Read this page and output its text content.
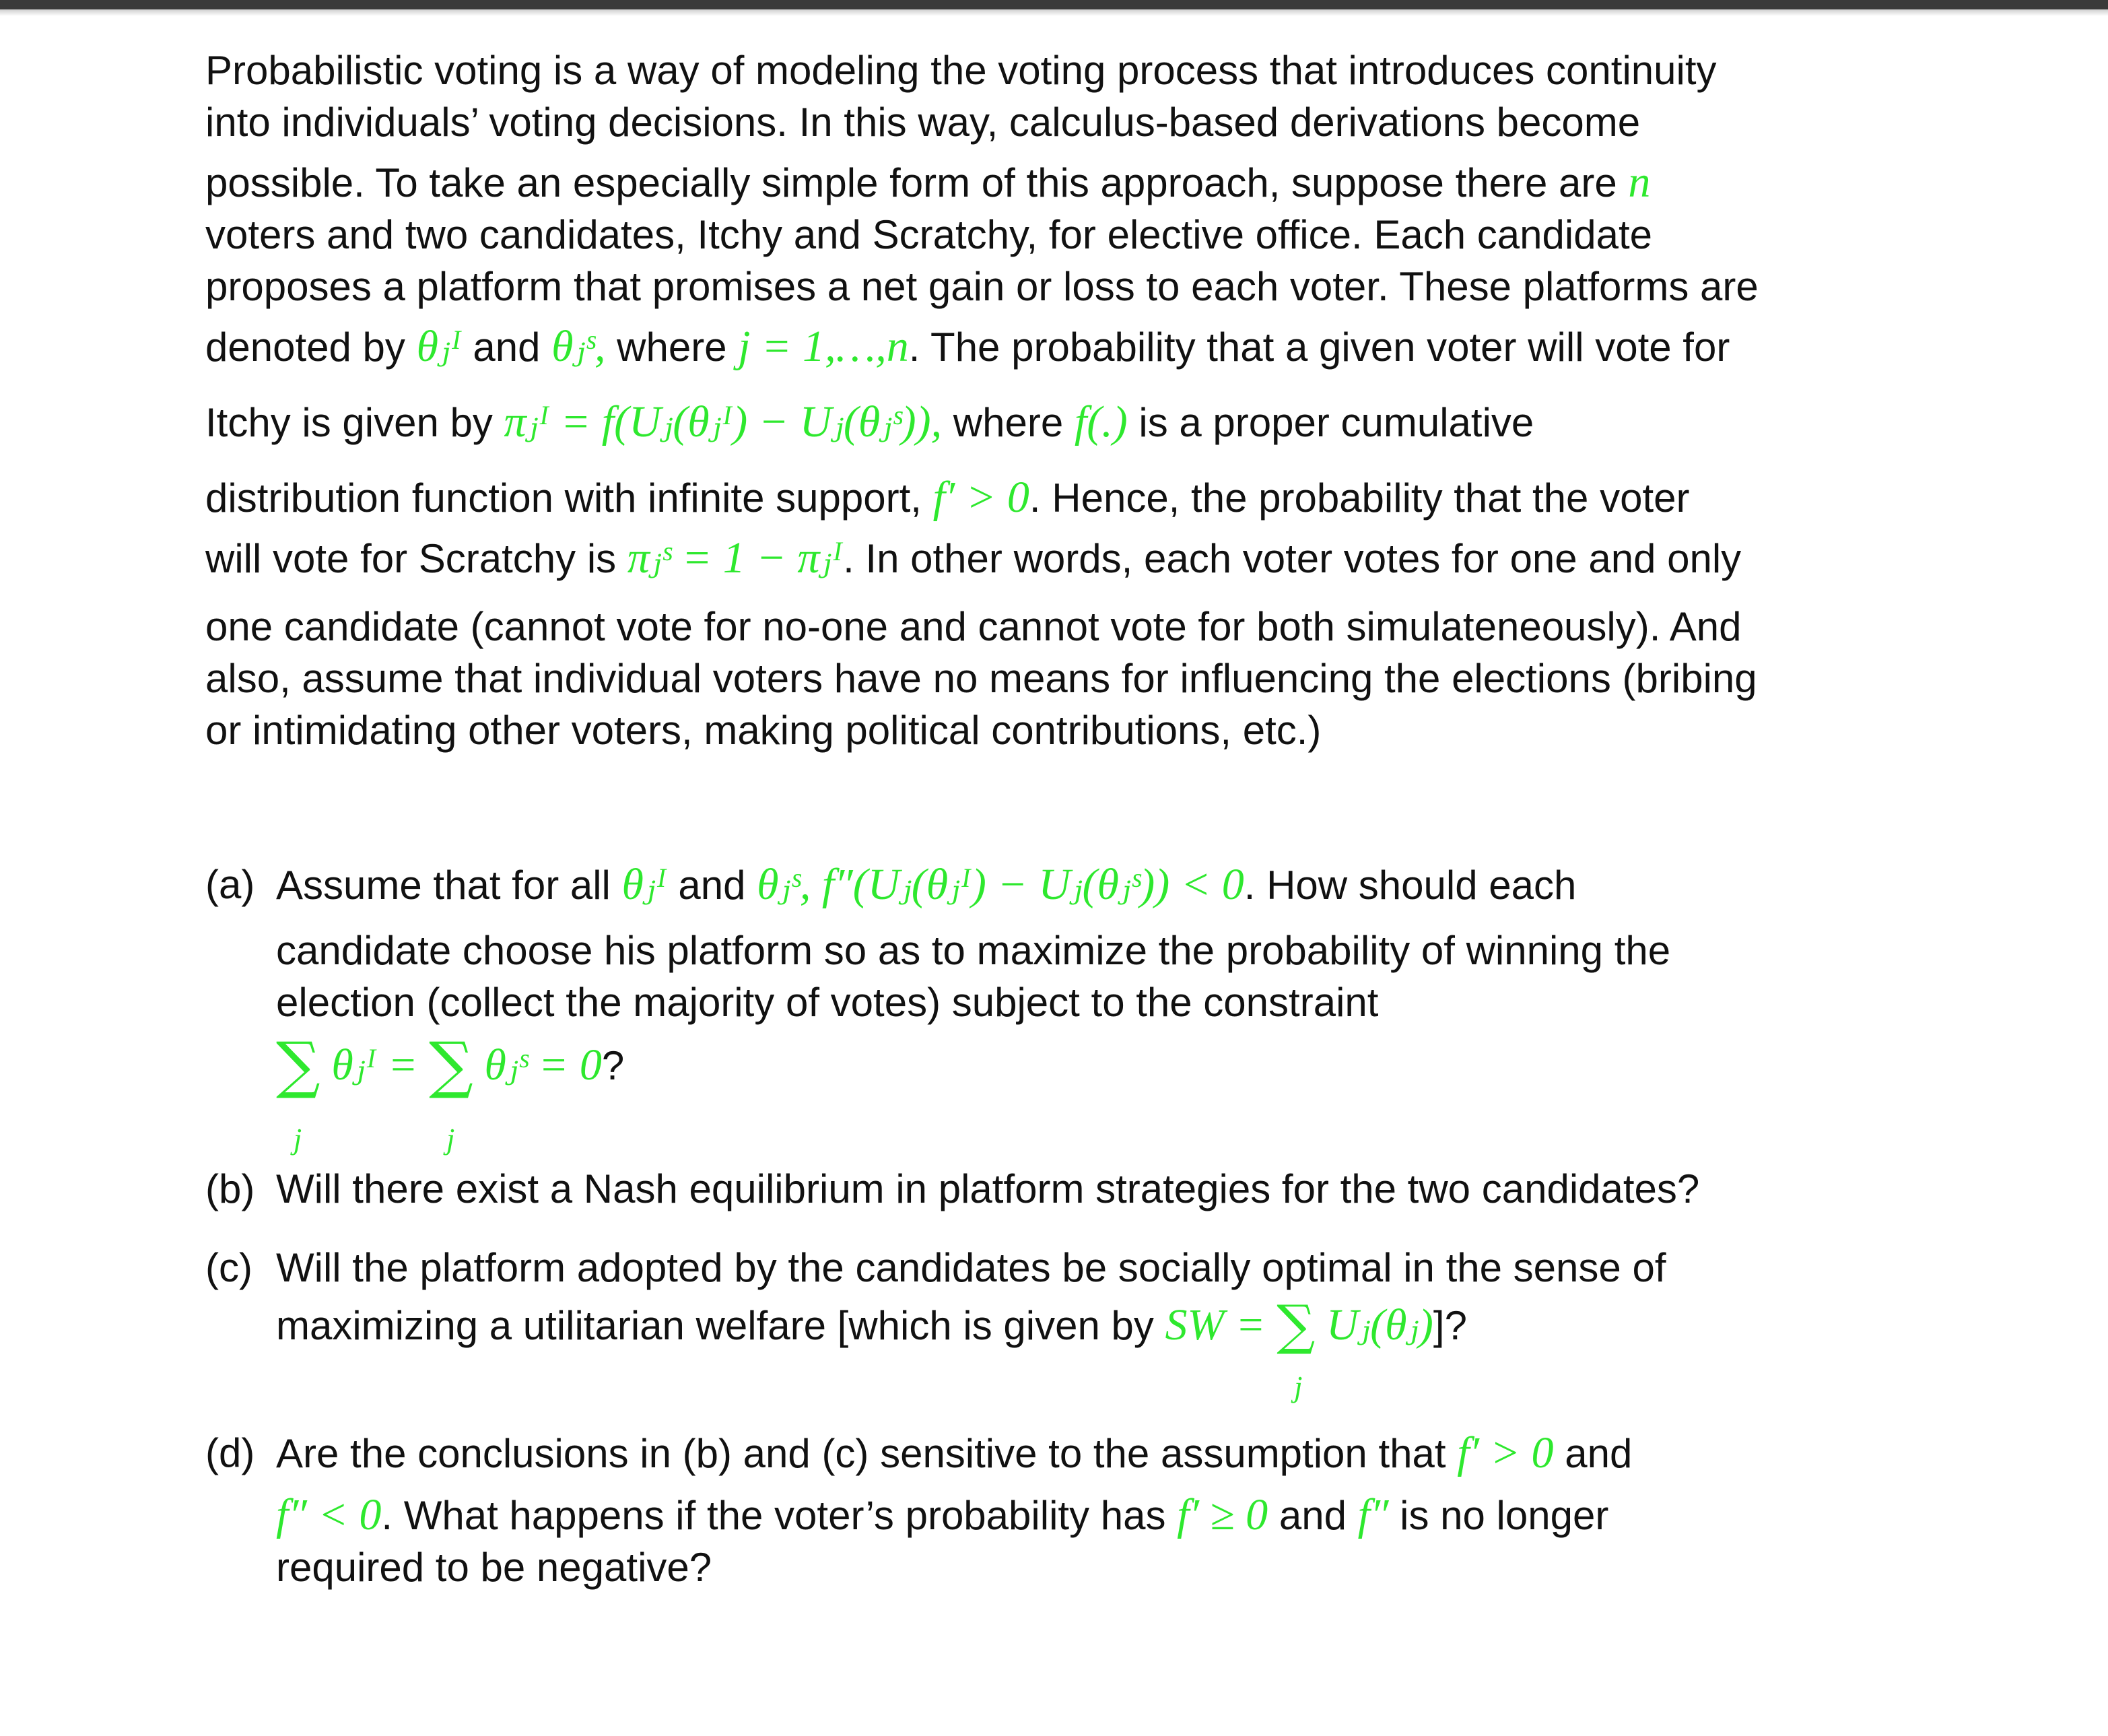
Probabilistic voting is a way of modeling the voting process that introduces continuity
into individuals’ voting decisions. In this way, calculus-based derivations become
possible. To take an especially simple form of this approach, suppose there are n
voters and two candidates, Itchy and Scratchy, for elective office. Each candidate
proposes a platform that promises a net gain or loss to each voter. These platforms are
denoted by θⱼᴵ and θⱼˢ, where j = 1,…,n. The probability that a given voter will vote for
Itchy is given by πⱼᴵ = f(Uⱼ(θⱼᴵ) − Uⱼ(θⱼˢ)), where f(.) is a proper cumulative
distribution function with infinite support, f′ > 0. Hence, the probability that the voter
will vote for Scratchy is πⱼˢ = 1 − πⱼᴵ. In other words, each voter votes for one and only
one candidate (cannot vote for no-one and cannot vote for both simulateneously). And
also, assume that individual voters have no means for influencing the elections (bribing
or intimidating other voters, making political contributions, etc.)
(a) Assume that for all θⱼᴵ and θⱼˢ, f″(Uⱼ(θⱼᴵ) − Uⱼ(θⱼˢ)) < 0. How should each
candidate choose his platform so as to maximize the probability of winning the
election (collect the majority of votes) subject to the constraint
∑
j
θⱼᴵ = ∑
j
θⱼˢ = 0?
(b) Will there exist a Nash equilibrium in platform strategies for the two candidates?
(c) Will the platform adopted by the candidates be socially optimal in the sense of
maximizing a utilitarian welfare [which is given by SW = ∑
j
Uⱼ(θⱼ)]?
(d) Are the conclusions in (b) and (c) sensitive to the assumption that f′ > 0 and
f″ < 0. What happens if the voter’s probability has f′ ≥ 0 and f″ is no longer
required to be negative?
